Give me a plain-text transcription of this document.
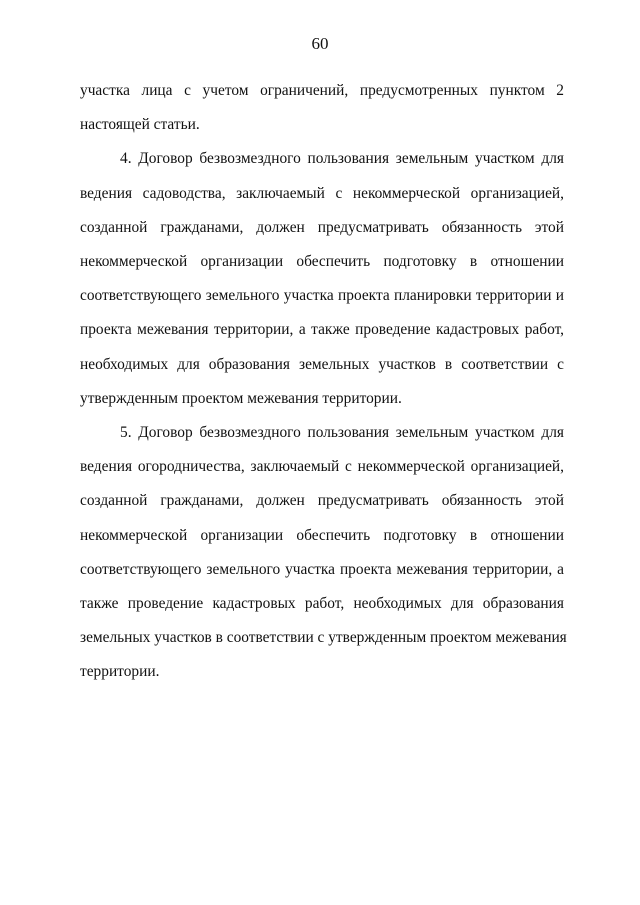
60
участка лица с учетом ограничений, предусмотренных пунктом 2
настоящей статьи.
4. Договор безвозмездного пользования земельным участком для
ведения садоводства, заключаемый с некоммерческой организацией,
созданной гражданами, должен предусматривать обязанность этой
некоммерческой организации обеспечить подготовку в отношении
соответствующего земельного участка проекта планировки территории и
проекта межевания территории, а также проведение кадастровых работ,
необходимых для образования земельных участков в соответствии с
утвержденным проектом межевания территории.
5. Договор безвозмездного пользования земельным участком для
ведения огородничества, заключаемый с некоммерческой организацией,
созданной гражданами, должен предусматривать обязанность этой
некоммерческой организации обеспечить подготовку в отношении
соответствующего земельного участка проекта межевания территории, а
также проведение кадастровых работ, необходимых для образования
земельных участков в соответствии с утвержденным проектом межевания
территории.
